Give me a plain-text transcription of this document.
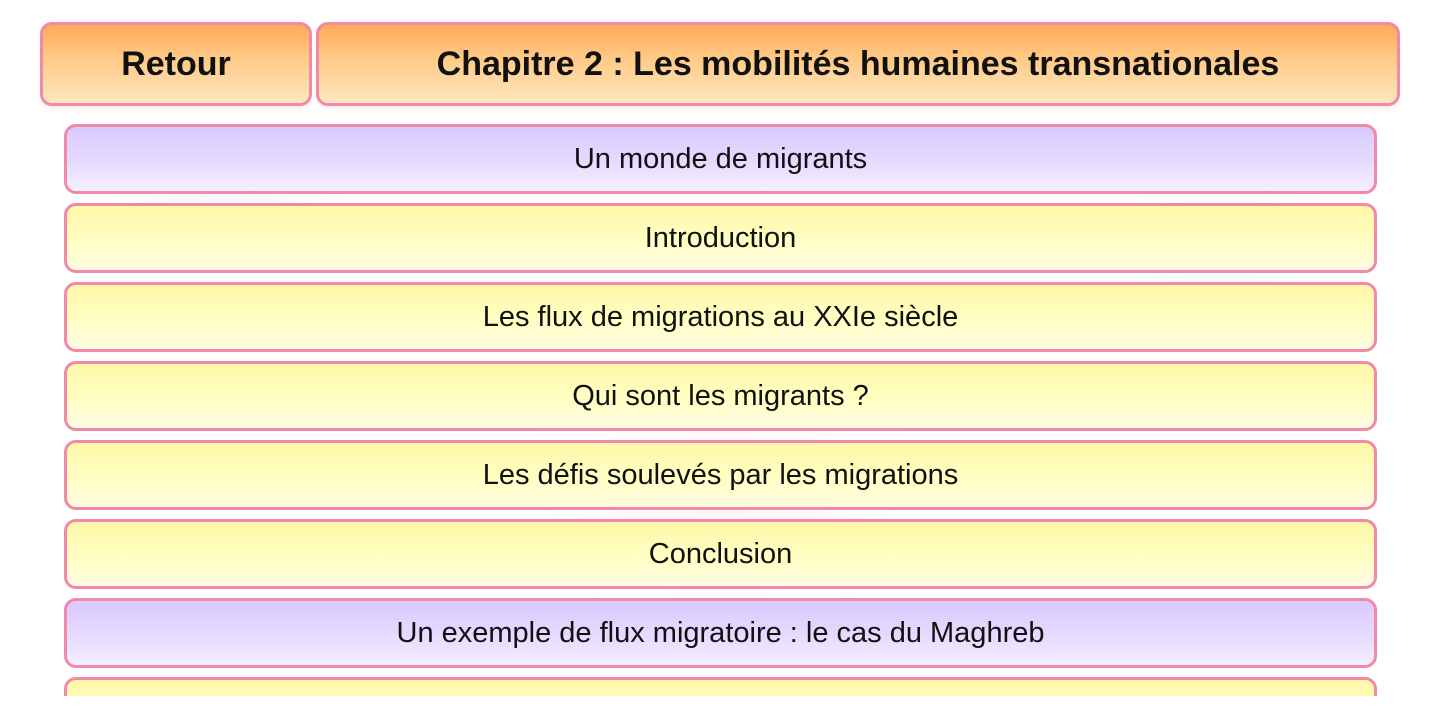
Retour	Chapitre 2 : Les mobilités humaines transnationales
Un monde de migrants
Introduction
Les flux de migrations au XXIe siècle
Qui sont les migrants ?
Les défis soulevés par les migrations
Conclusion
Un exemple de flux migratoire : le cas du Maghreb
